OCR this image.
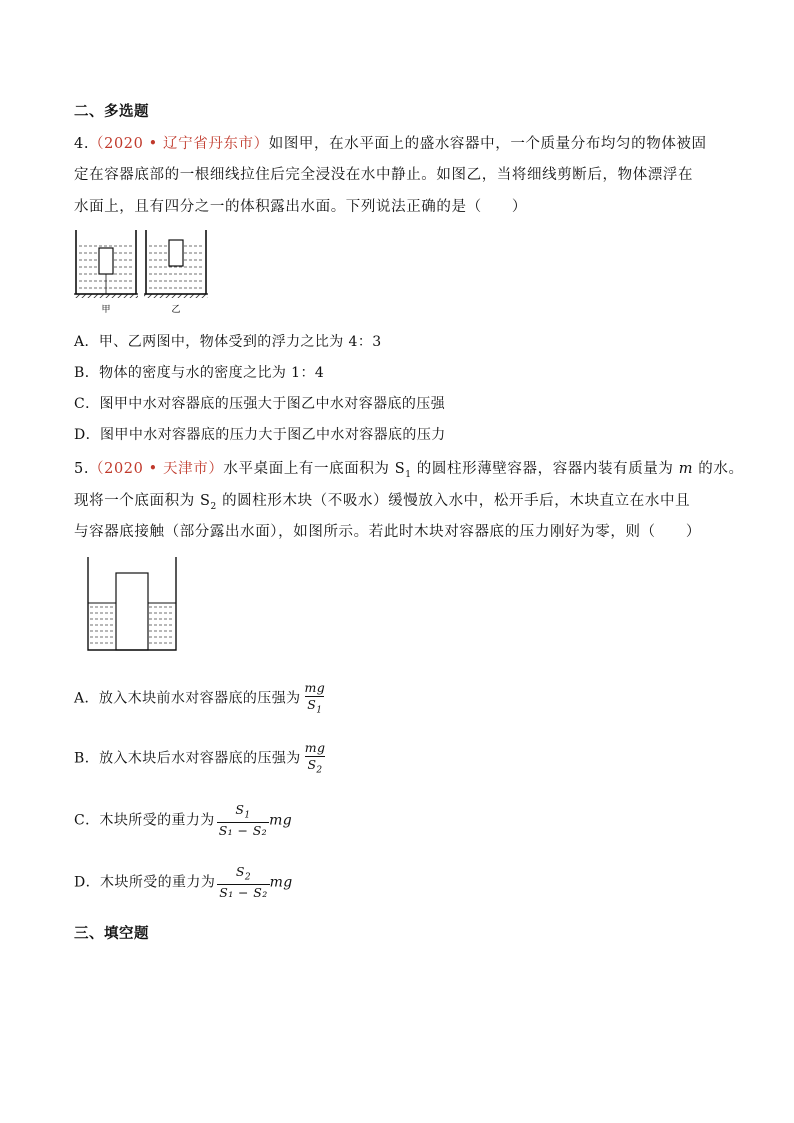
二、多选题
4.（2020 • 辽宁省丹东市）如图甲，在水平面上的盛水容器中，一个质量分布均匀的物体被固
定在容器底部的一根细线拉住后完全浸没在水中静止。如图乙，当将细线剪断后，物体漂浮在
水面上，且有四分之一的体积露出水面。下列说法正确的是（　　）
甲	乙
A．甲、乙两图中，物体受到的浮力之比为 4：3
B．物体的密度与水的密度之比为 1：4
C．图甲中水对容器底的压强大于图乙中水对容器底的压强
D．图甲中水对容器底的压力大于图乙中水对容器底的压力
5.（2020 • 天津市）水平桌面上有一底面积为 $S_1$ 的圆柱形薄壁容器，容器内装有质量为 m 的水。
现将一个底面积为 $S_2$ 的圆柱形木块（不吸水）缓慢放入水中，松开手后，木块直立在水中且
与容器底接触（部分露出水面），如图所示。若此时木块对容器底的压力刚好为零，则（　　）
A．放入木块前水对容器底的压强为 $\frac{mg}{S_1}$
B．放入木块后水对容器底的压强为 $\frac{mg}{S_2}$
C．木块所受的重力为 $\frac{S_1}{\text{S₁ − S₂}}$ mg
D．木块所受的重力为 $\frac{S_2}{\text{S₁ − S₂}}$ mg
三、填空题
